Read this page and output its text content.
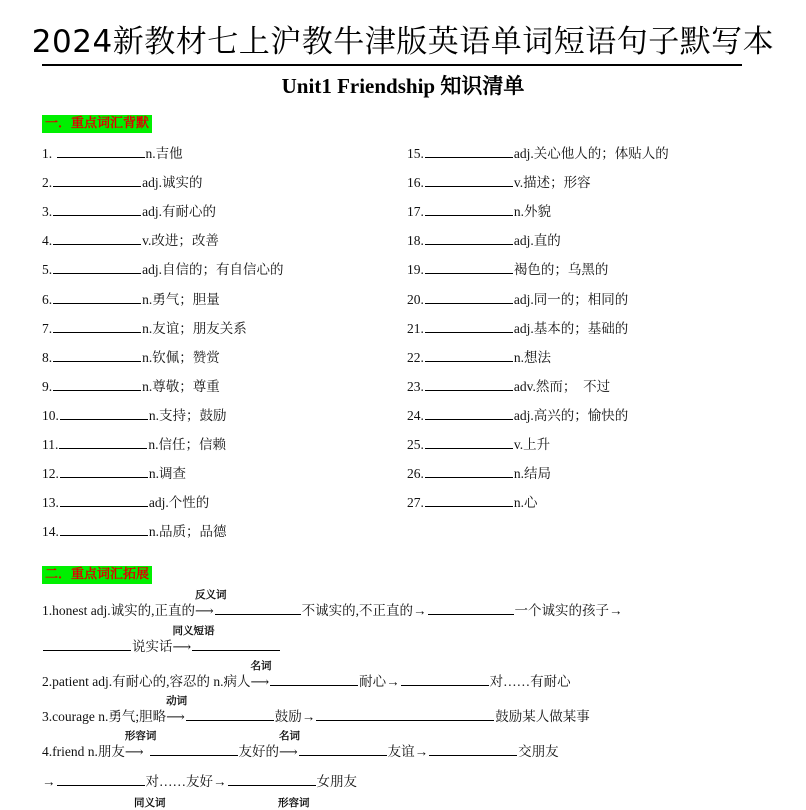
2024新教材七上沪教牛津版英语单词短语句子默写本
Unit1 Friendship 知识清单
一．重点词汇背默
1.	n.吉他
2.	adj.诚实的
3.	adj.有耐心的
4.	v.改进；改善
5.	adj.自信的；有自信心的
6.	n.勇气；胆量
7.	n.友谊；朋友关系
8.	n.钦佩；赞赏
9.	n.尊敬；尊重
10.	n.支持；鼓励
11.	n.信任；信赖
12.	n.调查
13.	adj.个性的
14.	n.品质；品德
15.	adj.关心他人的；体贴人的
16.	v.描述；形容
17.	n.外貌
18.	adj.直的
19.	褐色的；乌黑的
20.	adj.同一的；相同的
21.	adj.基本的；基础的
22.	n.想法
23.	adv.然而；　不过
24.	adj.高兴的；愉快的
25.	v.上升
26.	n.结局
27.	n.心
二．重点词汇拓展
1.honest adj.诚实的,正直的
反义词
⟶	不诚实的,不正直的→	一个诚实的孩子→
说实话
同义短语
⟶
2.patient adj.有耐心的,容忍的 n.病人
名词
⟶	耐心→	对……有耐心
3.courage n.勇气;胆略
动词
⟶	鼓励→	鼓励某人做某事
4.friend n.朋友
形容词
⟶	友好的
名词
⟶	友谊→	交朋友
→	对……友好→	女朋友
同义词	形容词
